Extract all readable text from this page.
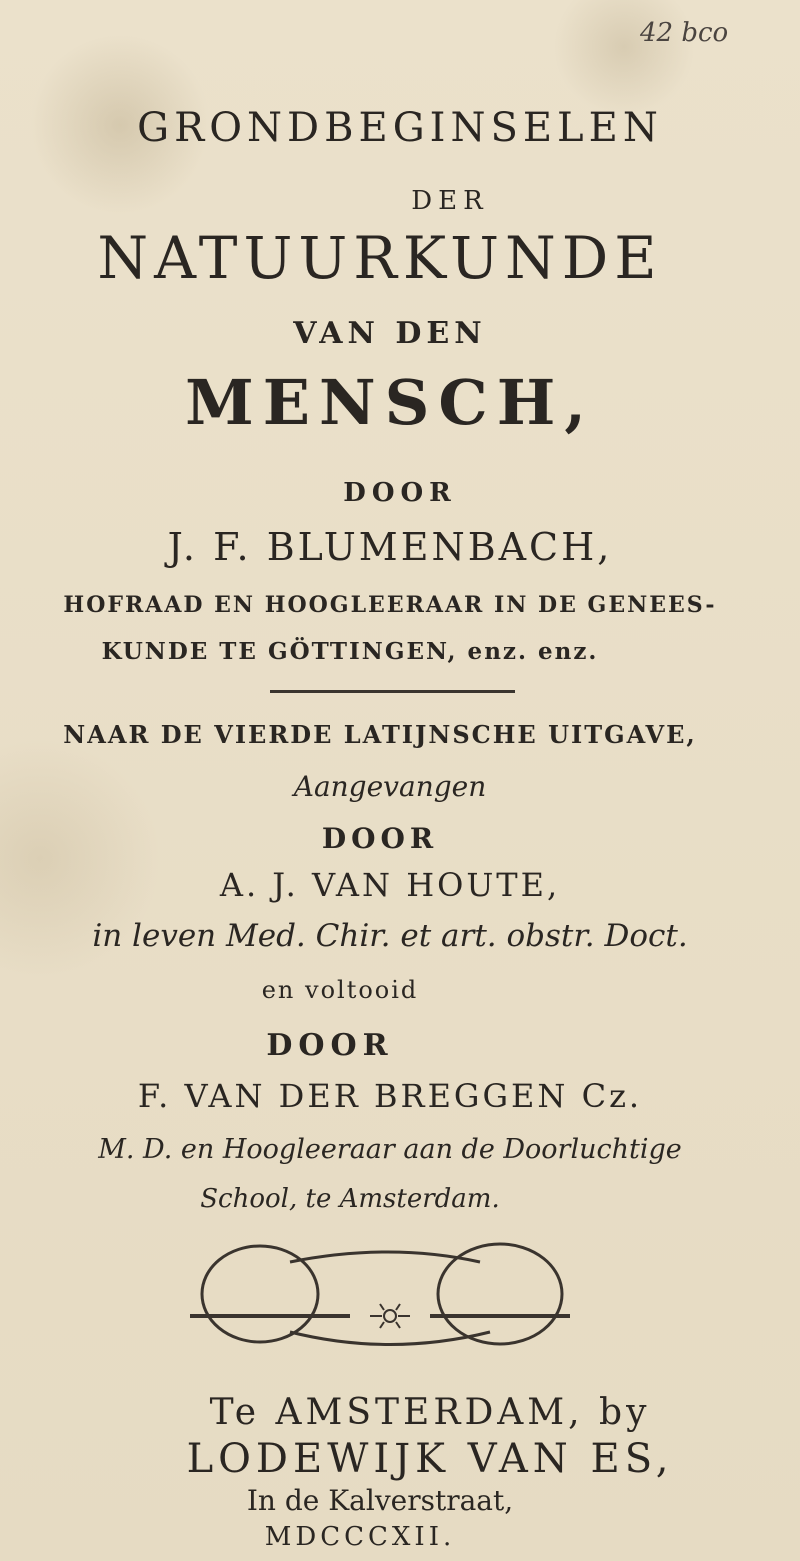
42 bco
GRONDBEGINSELEN
DER
NATUURKUNDE
VAN DEN
MENSCH,
DOOR
J. F. BLUMENBACH,
HOFRAAD EN HOOGLEERAAR IN DE GENEES-
KUNDE TE GÖTTINGEN, enz. enz.
NAAR DE VIERDE LATIJNSCHE UITGAVE,
Aangevangen
DOOR
A. J. VAN HOUTE,
in leven Med. Chir. et art. obstr. Doct.
en voltooid
DOOR
F. VAN DER BREGGEN Cz.
M. D. en Hoogleeraar aan de Doorluchtige
School, te Amsterdam.
Te AMSTERDAM, by
LODEWIJK VAN ES,
In de Kalverstraat,
MDCCCXII.
